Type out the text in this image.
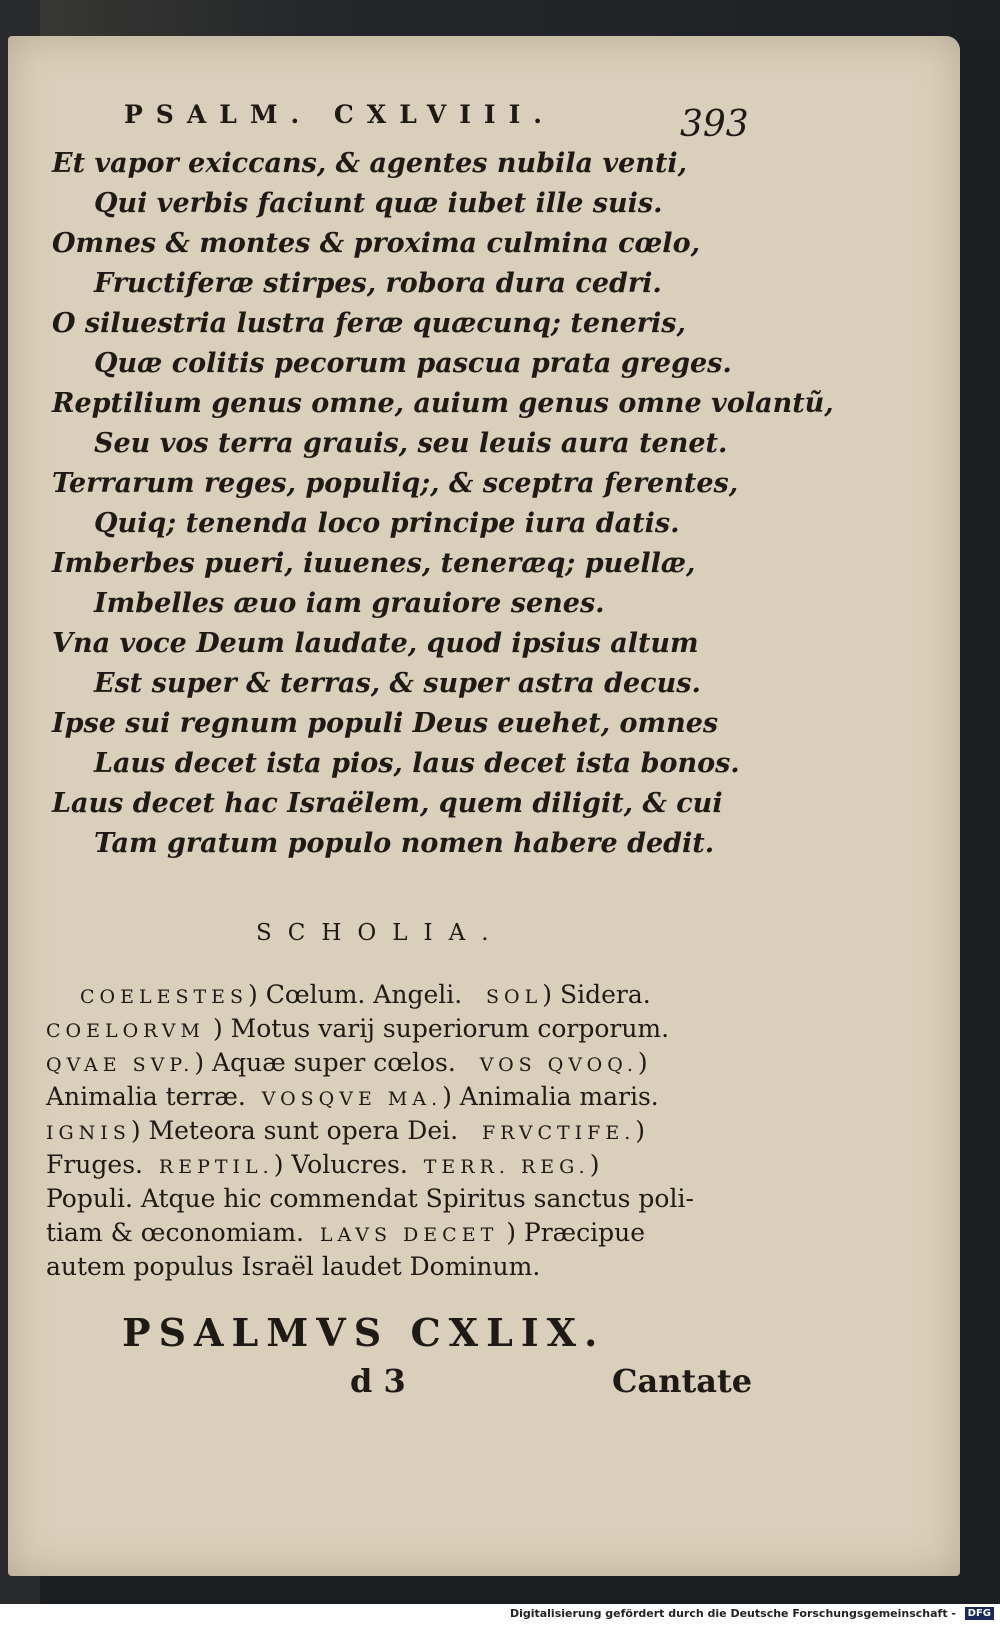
PSALM. CXLVIII.	393
Et vapor exiccans, & agentes nubila venti,
Qui verbis faciunt quæ iubet ille suis.
Omnes & montes & proxima culmina cœlo,
Fructiferæ stirpes, robora dura cedri.
O siluestria lustra feræ quæcunq; teneris,
Quæ colitis pecorum pascua prata greges.
Reptilium genus omne, auium genus omne volantũ,
Seu vos terra grauis, seu leuis aura tenet.
Terrarum reges, populiq;, & sceptra ferentes,
Quiq; tenenda loco principe iura datis.
Imberbes pueri, iuuenes, teneræq; puellæ,
Imbelles æuo iam grauiore senes.
Vna voce Deum laudate, quod ipsius altum
Est super & terras, & super astra decus.
Ipse sui regnum populi Deus euehet, omnes
Laus decet ista pios, laus decet ista bonos.
Laus decet hac Israëlem, quem diligit, & cui
Tam gratum populo nomen habere dedit.
SCHOLIA.
COELESTES) Cœlum. Angeli. SOL) Sidera.
COELORVM ) Motus varij superiorum corporum.
QVAE SVP.) Aquæ super cœlos. VOS QVOQ.)
Animalia terræ. VOSQVE MA.) Animalia maris.
IGNIS) Meteora sunt opera Dei. FRVCTIFE.)
Fruges. REPTIL.) Volucres. TERR. REG.)
Populi. Atque hic commendat Spiritus sanctus poli-
tiam & œconomiam. LAVS DECET ) Præcipue
autem populus Israël laudet Dominum.
PSALMVS CXLIX.
d 3	Cantate
Digitalisierung gefördert durch die Deutsche Forschungsgemeinschaft -	DFG
